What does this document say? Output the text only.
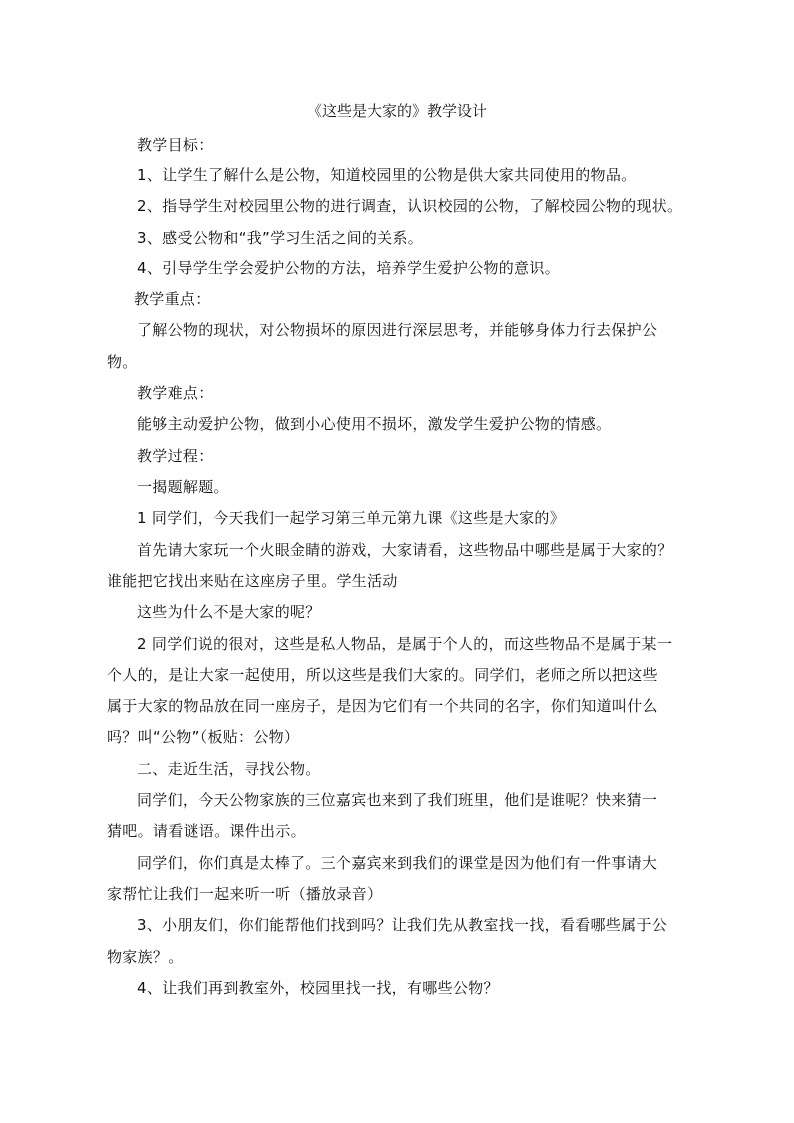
《这些是大家的》教学设计
教学目标：
1、让学生了解什么是公物，知道校园里的公物是供大家共同使用的物品。
2、指导学生对校园里公物的进行调查，认识校园的公物，了解校园公物的现状。
3、感受公物和“我”学习生活之间的关系。
4、引导学生学会爱护公物的方法，培养学生爱护公物的意识。
教学重点：
了解公物的现状，对公物损坏的原因进行深层思考，并能够身体力行去保护公
物。
教学难点：
能够主动爱护公物，做到小心使用不损坏，激发学生爱护公物的情感。
教学过程：
一揭题解题。
1 同学们，今天我们一起学习第三单元第九课《这些是大家的》
首先请大家玩一个火眼金睛的游戏，大家请看，这些物品中哪些是属于大家的？
谁能把它找出来贴在这座房子里。学生活动
这些为什么不是大家的呢？
2 同学们说的很对，这些是私人物品，是属于个人的，而这些物品不是属于某一
个人的，是让大家一起使用，所以这些是我们大家的。同学们，老师之所以把这些
属于大家的物品放在同一座房子，是因为它们有一个共同的名字，你们知道叫什么
吗？叫“公物”（板贴：公物）
二、走近生活，寻找公物。
同学们，今天公物家族的三位嘉宾也来到了我们班里，他们是谁呢？快来猜一
猜吧。请看谜语。课件出示。
同学们，你们真是太棒了。三个嘉宾来到我们的课堂是因为他们有一件事请大
家帮忙让我们一起来听一听（播放录音）
3、小朋友们，你们能帮他们找到吗？让我们先从教室找一找，看看哪些属于公
物家族？。
4、让我们再到教室外，校园里找一找，有哪些公物？
